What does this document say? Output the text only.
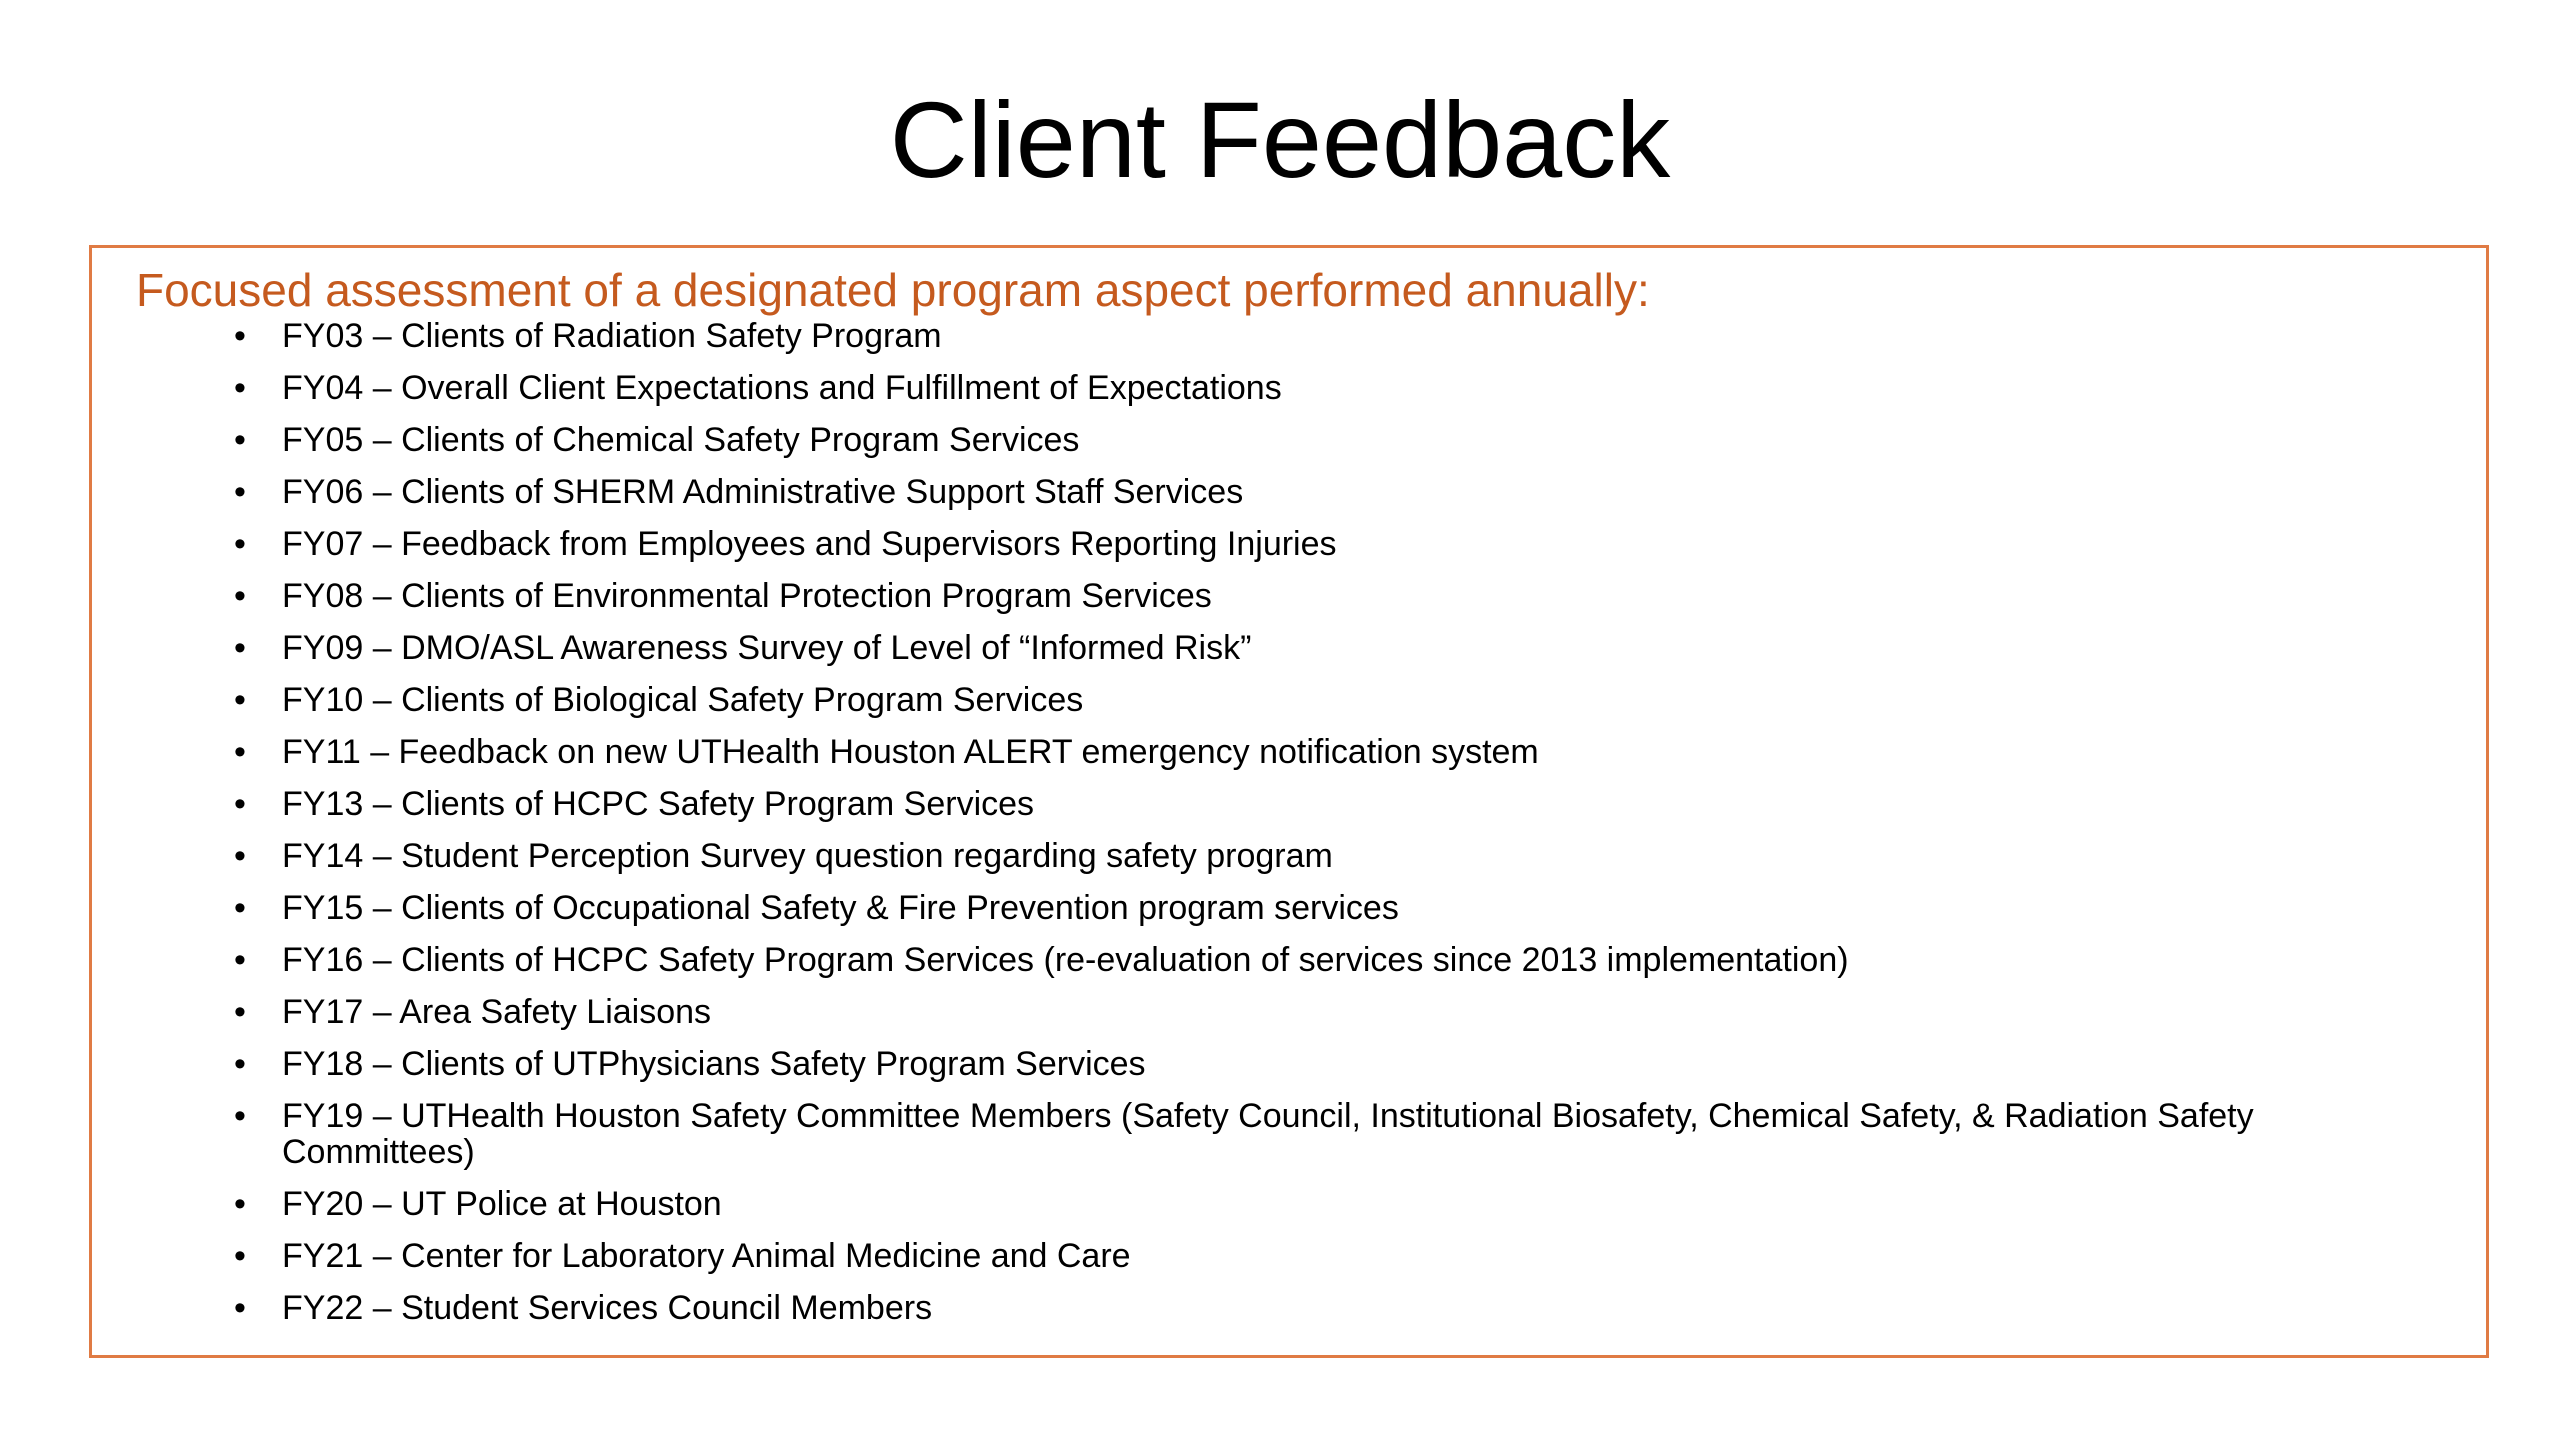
Client Feedback
Focused assessment of a designated program aspect performed annually:
• FY03 – Clients of Radiation Safety Program
• FY04 – Overall Client Expectations and Fulfillment of Expectations
• FY05 – Clients of Chemical Safety Program Services
• FY06 – Clients of SHERM Administrative Support Staff Services
• FY07 – Feedback from Employees and Supervisors Reporting Injuries
• FY08 – Clients of Environmental Protection Program Services
• FY09 – DMO/ASL Awareness Survey of Level of “Informed Risk”
• FY10 – Clients of Biological Safety Program Services
• FY11 – Feedback on new UTHealth Houston ALERT emergency notification system
• FY13 – Clients of HCPC Safety Program Services
• FY14 – Student Perception Survey question regarding safety program
• FY15 – Clients of Occupational Safety & Fire Prevention program services
• FY16 – Clients of HCPC Safety Program Services (re-evaluation of services since 2013 implementation)
• FY17 – Area Safety Liaisons
• FY18 – Clients of UTPhysicians Safety Program Services
• FY19 – UTHealth Houston Safety Committee Members (Safety Council, Institutional Biosafety, Chemical Safety, & Radiation Safety Committees)
• FY20 – UT Police at Houston
• FY21 – Center for Laboratory Animal Medicine and Care
• FY22 – Student Services Council Members
